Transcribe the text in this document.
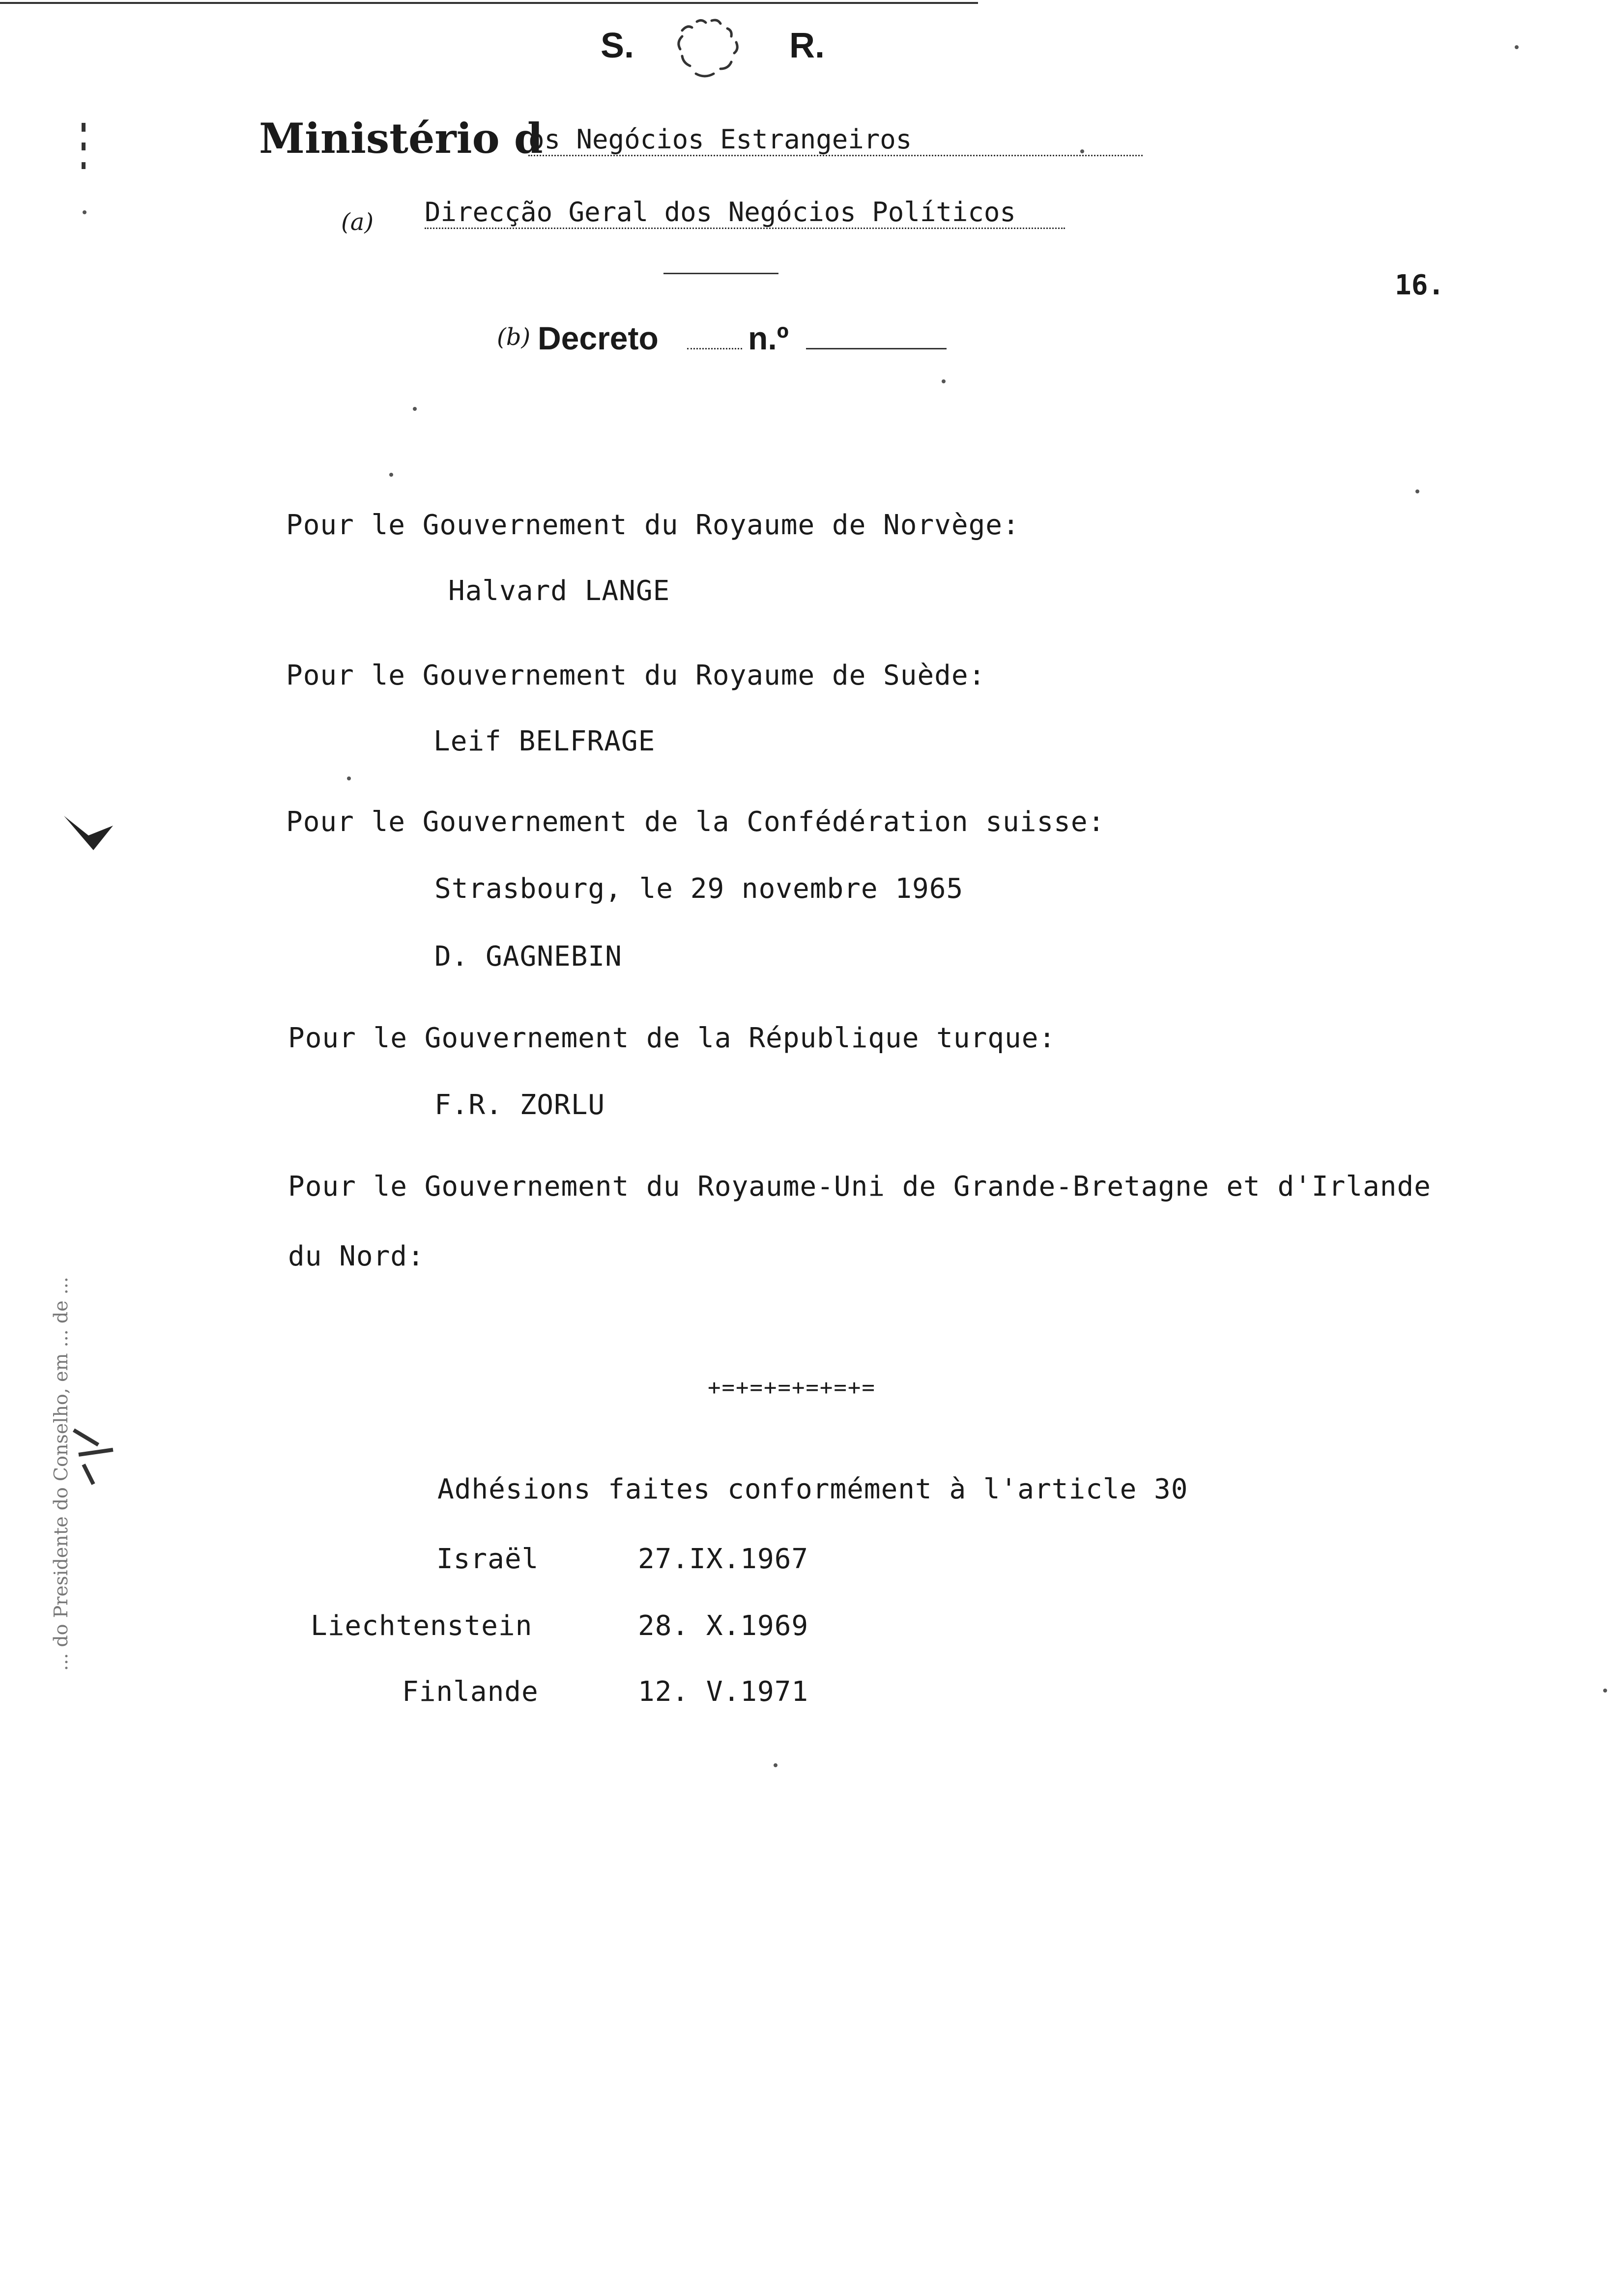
S.	R.
Ministério d
os Negócios Estrangeiros
(a) Direcção Geral dos Negócios Políticos
16.
(b) Decreto	n.º
Pour le Gouvernement du Royaume de Norvège:
Halvard LANGE
Pour le Gouvernement du Royaume de Suède:
Leif BELFRAGE
Pour le Gouvernement de la Confédération suisse:
Strasbourg, le 29 novembre 1965
D. GAGNEBIN
Pour le Gouvernement de la République turque:
F.R. ZORLU
Pour le Gouvernement du Royaume-Uni de Grande-Bretagne et d'Irlande
du Nord:
+=+=+=+=+=+=
Adhésions faites conformément à l'article 30
Israël	27.IX.1967
Liechtenstein	28. X.1969
Finlande	12. V.1971
... do Presidente do Conselho, em ... de ...
